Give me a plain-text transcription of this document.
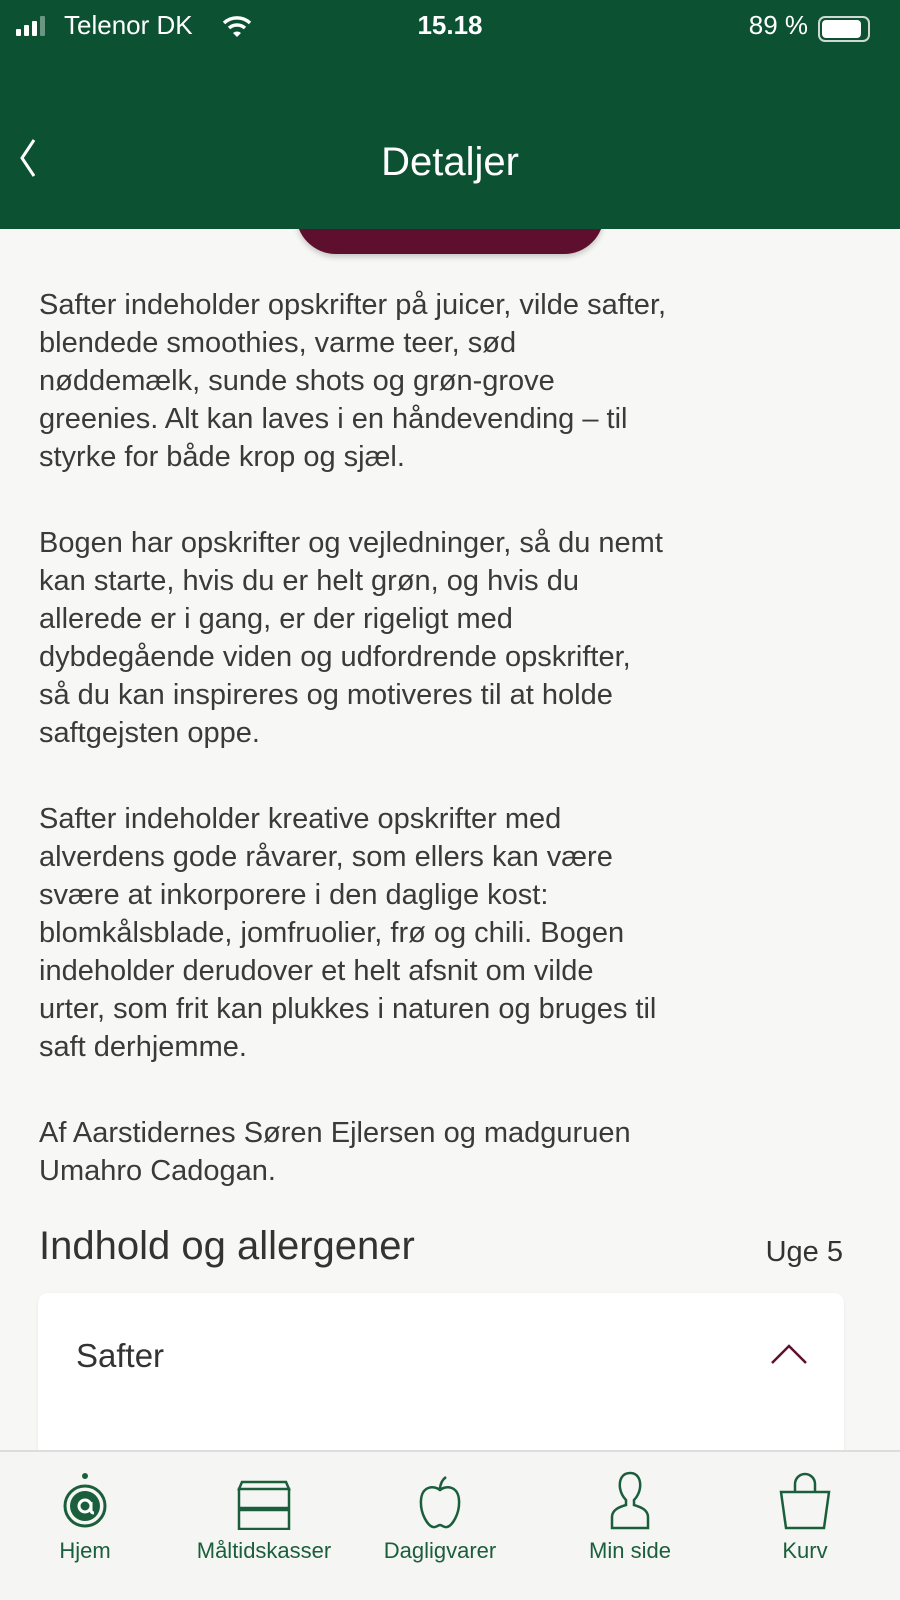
Telenor DK	15.18	89 %
Detaljer
Safter indeholder opskrifter på juicer, vilde safter,
blendede smoothies, varme teer, sød
nøddemælk, sunde shots og grøn-grove
greenies. Alt kan laves i en håndevending – til
styrke for både krop og sjæl.
Bogen har opskrifter og vejledninger, så du nemt
kan starte, hvis du er helt grøn, og hvis du
allerede er i gang, er der rigeligt med
dybdegående viden og udfordrende opskrifter,
så du kan inspireres og motiveres til at holde
saftgejsten oppe.
Safter indeholder kreative opskrifter med
alverdens gode råvarer, som ellers kan være
svære at inkorporere i den daglige kost:
blomkålsblade, jomfruolier, frø og chili. Bogen
indeholder derudover et helt afsnit om vilde
urter, som frit kan plukkes i naturen og bruges til
saft derhjemme.
Af Aarstidernes Søren Ejlersen og madguruen
Umahro Cadogan.
Indhold og allergener	Uge 5
Safter
Hjem	Måltidskasser	Dagligvarer	Min side	Kurv
